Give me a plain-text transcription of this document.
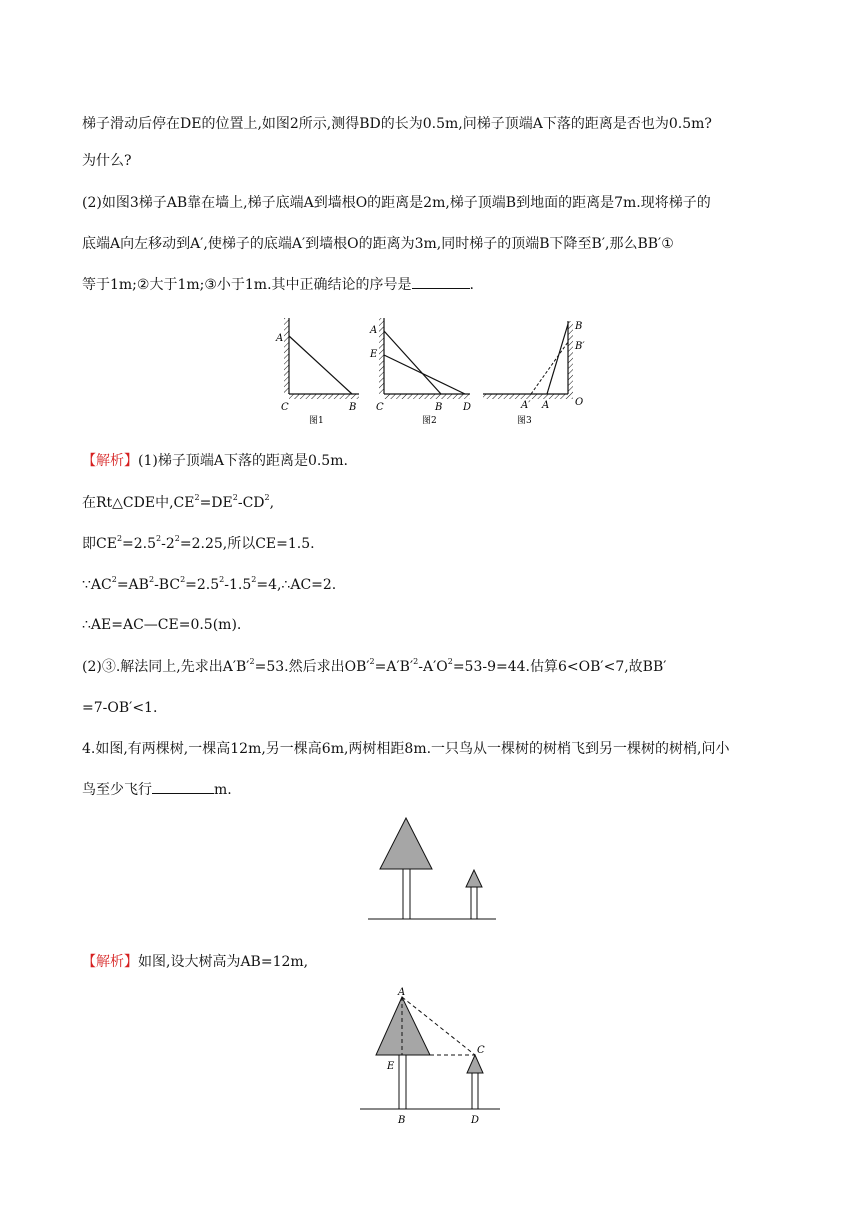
梯子滑动后停在DE的位置上,如图2所示,测得BD的长为0.5m,问梯子顶端A下落的距离是否也为0.5m?
为什么?
(2)如图3梯子AB靠在墙上,梯子底端A到墙根O的距离是2m,梯子顶端B到地面的距离是7m.现将梯子的
底端A向左移动到A′,使梯子的底端A′到墙根O的距离为3m,同时梯子的顶端B下降至B′,那么BB′①
等于1m;②大于1m;③小于1m.其中正确结论的序号是	.
A
C	B
图1
A
E
C	B D
图2
B
B′
A′ A	O
图3
【解析】(1)梯子顶端A下落的距离是0.5m.
在Rt△CDE中$,CE^2=DE^2-CD^2$,
即$CE^2=2.5^2-2^2=2.25$,所以CE=1.5.
$\because AC^2=AB^2-BC^2=2.5^2-1.5^2=4,\therefore AC=2$.
∴AE=AC—CE=0.5(m).
(2)③.解法同上,先求出$A'B'^2=53$.然后求出$OB'^2=A'B'^2-A'O^2=53-9=44$.估算6<OB′<7,故BB′
=7-OB′<1.
4.如图,有两棵树,一棵高12m,另一棵高6m,两树相距8m.一只鸟从一棵树的树梢飞到另一棵树的树梢,问小
鸟至少飞行	m.
【解析】如图,设大树高为AB=12m,
A
C
E
B	D
